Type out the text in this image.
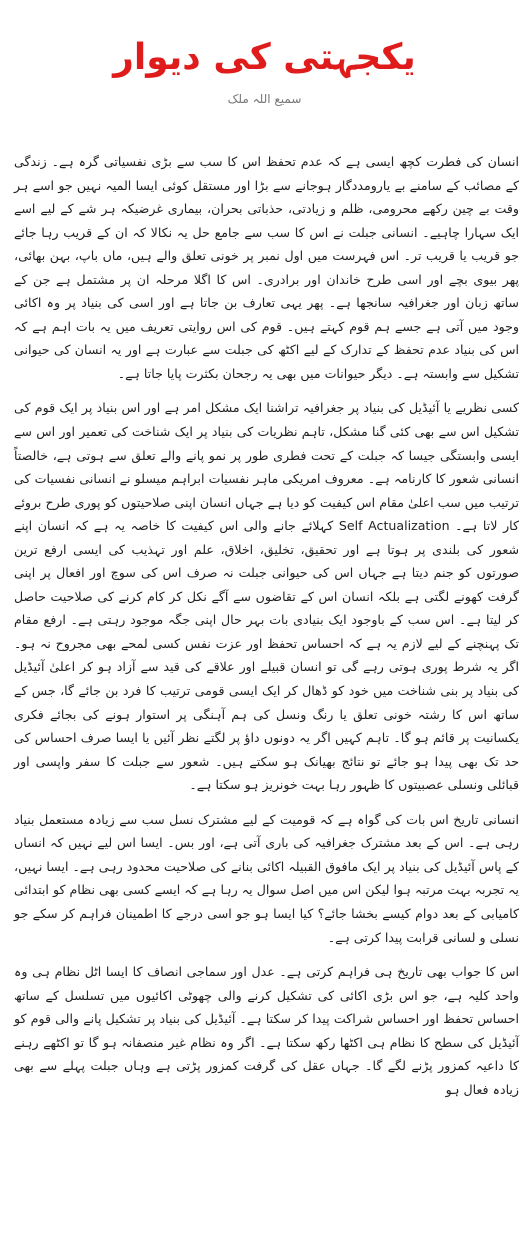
یکجہتی کی دیوار
سمیع اللہ ملک

انسان کی فطرت کچھ ایسی ہے کہ عدم تحفظ اس کا سب سے بڑی نفسیاتی گرہ ہے۔ زندگی کے مصائب کے سامنے بے یارومددگار ہوجانے سے بڑا اور مستقل کوئی ایسا المیہ نہیں جو اسے ہر وقت بے چین رکھے محرومی، ظلم و زیادتی، حذباتی بحران، بیماری غرضیکہ ہر شے کے لیے اسے ایک سہارا چاہیے۔ انسانی جبلت نے اس کا سب سے جامع حل یہ نکالا کہ ان کے قریب رہا جائے جو قریب یا قریب تر۔ اس فہرست میں اول نمبر پر خونی تعلق والے ہیں، ماں باپ، بہن بھائی، پھر بیوی بچے اور اسی طرح خاندان اور برادری۔ اس کا اگلا مرحلہ ان پر مشتمل ہے جن کے ساتھ زبان اور جغرافیہ سانجھا ہے۔ پھر یہی تعارف بن جاتا ہے اور اسی کی بنیاد پر وہ اکائی وجود میں آتی ہے جسے ہم قوم کہتے ہیں۔ قوم کی اس روایتی تعریف میں یہ بات اہم ہے کہ اس کی بنیاد عدم تحفظ کے تدارک کے لیے اکٹھ کی جبلت سے عبارت ہے اور یہ انسان کی حیوانی تشکیل سے وابستہ ہے۔ دیگر حیوانات میں بھی یہ رجحان بکثرت پایا جاتا ہے۔

کسی نظریے یا آئیڈیل کی بنیاد پر جغرافیہ تراشنا ایک مشکل امر ہے اور اس بنیاد پر ایک قوم کی تشکیل اس سے بھی کئی گنا مشکل، تاہم نظریات کی بنیاد پر ایک شناخت کی تعمیر اور اس سے ایسی وابستگی جیسا کہ جبلت کے تحت فطری طور پر نمو پانے والے تعلق سے ہوتی ہے، خالصتاً انسانی شعور کا کارنامہ ہے۔ معروف امریکی ماہر نفسیات ابراہم میسلو نے انسانی نفسیات کی ترتیب میں سب اعلیٰ مقام اس کیفیت کو دیا ہے جہاں انسان اپنی صلاحیتوں کو پوری طرح بروئے کار لاتا ہے۔ Self Actualization کہلائے جانے والی اس کیفیت کا خاصہ یہ ہے کہ انسان اپنے شعور کی بلندی پر ہوتا ہے اور تحقیق، تخلیق، اخلاق، علم اور تہذیب کی ایسی ارفع ترین صورتوں کو جنم دیتا ہے جہاں اس کی حیوانی جبلت نہ صرف اس کی سوچ اور افعال پر اپنی گرفت کھونے لگتی ہے بلکہ انسان اس کے تقاضوں سے آگے نکل کر کام کرنے کی صلاحیت حاصل کر لیتا ہے۔ اس سب کے باوجود ایک بنیادی بات بہر حال اپنی جگہ موجود رہتی ہے۔ ارفع مقام تک پہنچنے کے لیے لازم یہ ہے کہ احساس تحفظ اور عزت نفس کسی لمحے بھی مجروح نہ ہو۔ اگر یہ شرط پوری ہوتی رہے گی تو انسان قبیلے اور علاقے کی قید سے آزاد ہو کر اعلیٰ آئیڈیل کی بنیاد پر بنی شناخت میں خود کو ڈھال کر ایک ایسی قومی ترتیب کا فرد بن جائے گا، جس کے ساتھ اس کا رشتہ خونی تعلق یا رنگ ونسل کی ہم آہنگی پر استوار ہونے کی بجائے فکری یکسانیت پر قائم ہو گا۔ تاہم کہیں اگر یہ دونوں داؤ پر لگتے نظر آئیں یا ایسا صرف احساس کی حد تک بھی پیدا ہو جائے تو نتائج بھیانک ہو سکتے ہیں۔ شعور سے جبلت کا سفر واپسی اور قبائلی ونسلی عصبیتوں کا ظہور رہا بہت خونریز ہو سکتا ہے۔

انسانی تاریخ اس بات کی گواہ ہے کہ قومیت کے لیے مشترک نسل سب سے زیادہ مستعمل بنیاد رہی ہے۔ اس کے بعد مشترک جغرافیہ کی باری آتی ہے، اور بس۔ ایسا اس لیے نہیں کہ انساں کے پاس آئیڈیل کی بنیاد پر ایک مافوق القبیلہ اکائی بنانے کی صلاحیت محدود رہی ہے۔ ایسا نہیں، یہ تجربہ بہت مرتبہ ہوا لیکن اس میں اصل سوال یہ رہا ہے کہ ایسے کسی بھی نظام کو ابتدائی کامیابی کے بعد دوام کیسے بخشا جائے؟ کیا ایسا ہو جو اسی درجے کا اطمینان فراہم کر سکے جو نسلی و لسانی قرابت پیدا کرتی ہے۔

اس کا جواب بھی تاریخ ہی فراہم کرتی ہے۔ عدل اور سماجی انصاف کا ایسا اٹل نظام ہی وہ واحد کلیہ ہے، جو اس بڑی اکائی کی تشکیل کرنے والی چھوٹی اکائیوں میں تسلسل کے ساتھ احساس تحفظ اور احساس شراکت پیدا کر سکتا ہے۔ آئیڈیل کی بنیاد پر تشکیل پانے والی قوم کو آئیڈیل کی سطح کا نظام ہی اکٹھا رکھ سکتا ہے۔ اگر وہ نظام غیر منصفانہ ہو گا تو اکٹھے رہنے کا داعیہ کمزور پڑنے لگے گا۔ جہاں عقل کی گرفت کمزور پڑتی ہے وہاں جبلت پہلے سے بھی زیادہ فعال ہو
